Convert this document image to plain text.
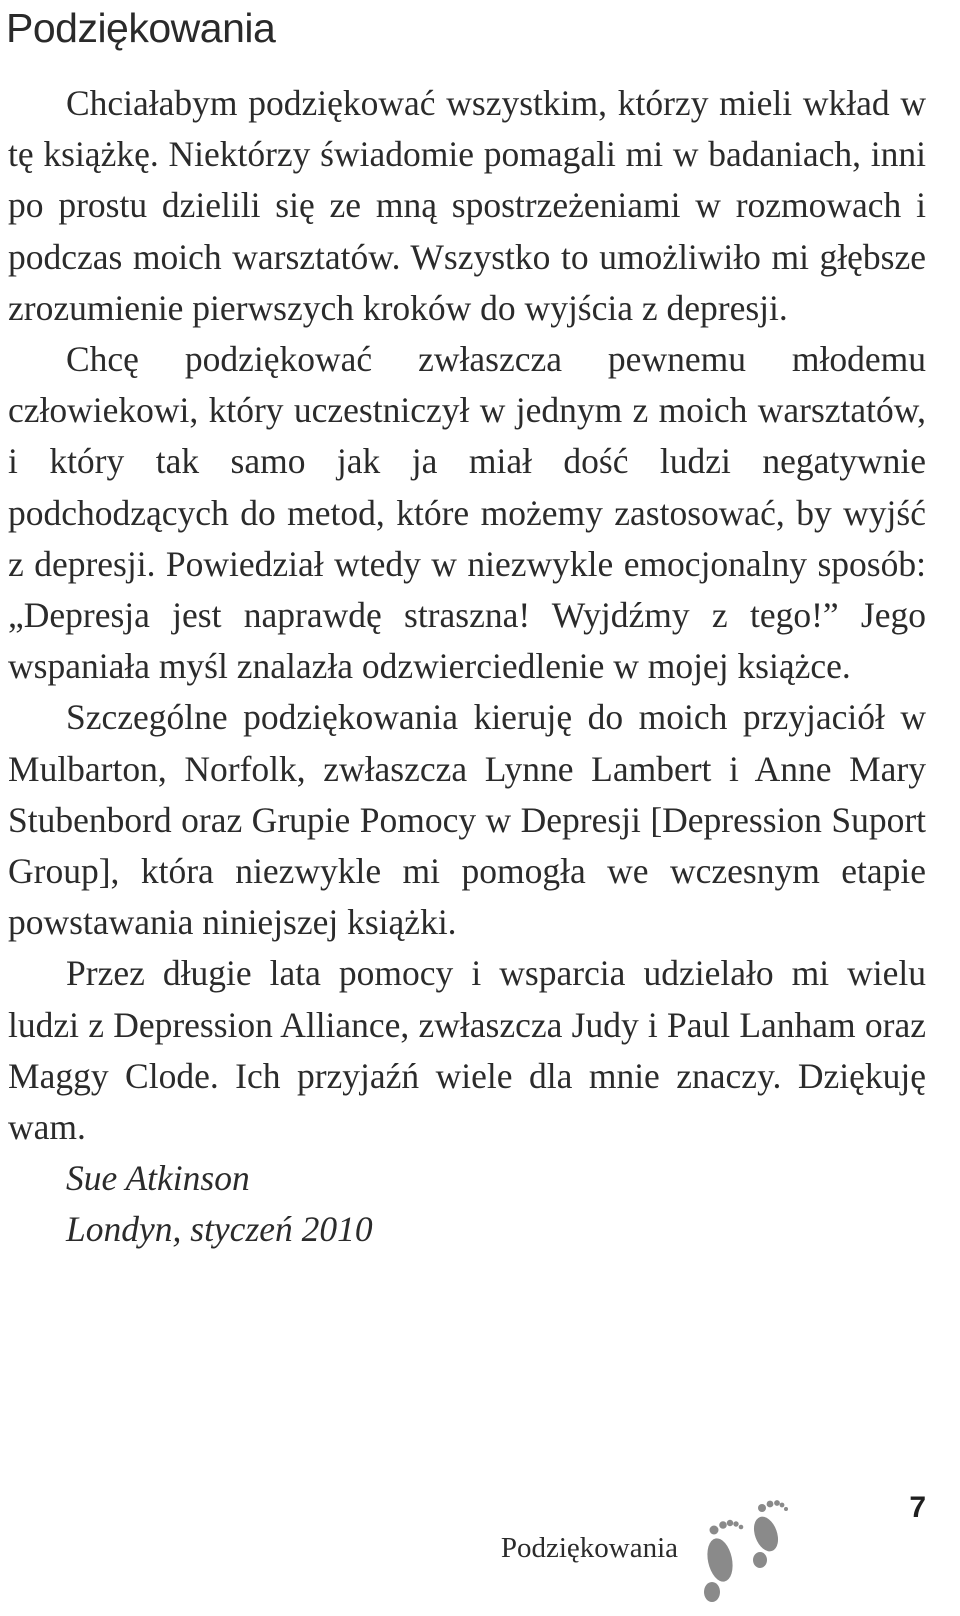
Podziękowania

Chciałabym podziękować wszystkim, którzy mieli wkład w tę książkę. Niektórzy świadomie pomagali mi w badaniach, inni po prostu dzielili się ze mną spostrzeżeniami w rozmowach i podczas moich warsztatów. Wszystko to umożliwiło mi głębsze zrozumienie pierwszych kroków do wyjścia z depresji.

Chcę podziękować zwłaszcza pewnemu młodemu człowiekowi, który uczestniczył w jednym z moich warsztatów, i który tak samo jak ja miał dość ludzi negatywnie podchodzących do metod, które możemy zastosować, by wyjść z depresji. Powiedział wtedy w niezwykle emocjonalny sposób: „Depresja jest naprawdę straszna! Wyjdźmy z tego!” Jego wspaniała myśl znalazła odzwierciedlenie w mojej książce.

Szczególne podziękowania kieruję do moich przyjaciół w Mulbarton, Norfolk, zwłaszcza Lynne Lambert i Anne Mary Stubenbord oraz Grupie Pomocy w Depresji [Depression Suport Group], która niezwykle mi pomogła we wczesnym etapie powstawania niniejszej książki.

Przez długie lata pomocy i wsparcia udzielało mi wielu ludzi z Depression Alliance, zwłaszcza Judy i Paul Lanham oraz Maggy Clode. Ich przyjaźń wiele dla mnie znaczy. Dziękuję wam.

Sue Atkinson
Londyn, styczeń 2010
Podziękowania
7
